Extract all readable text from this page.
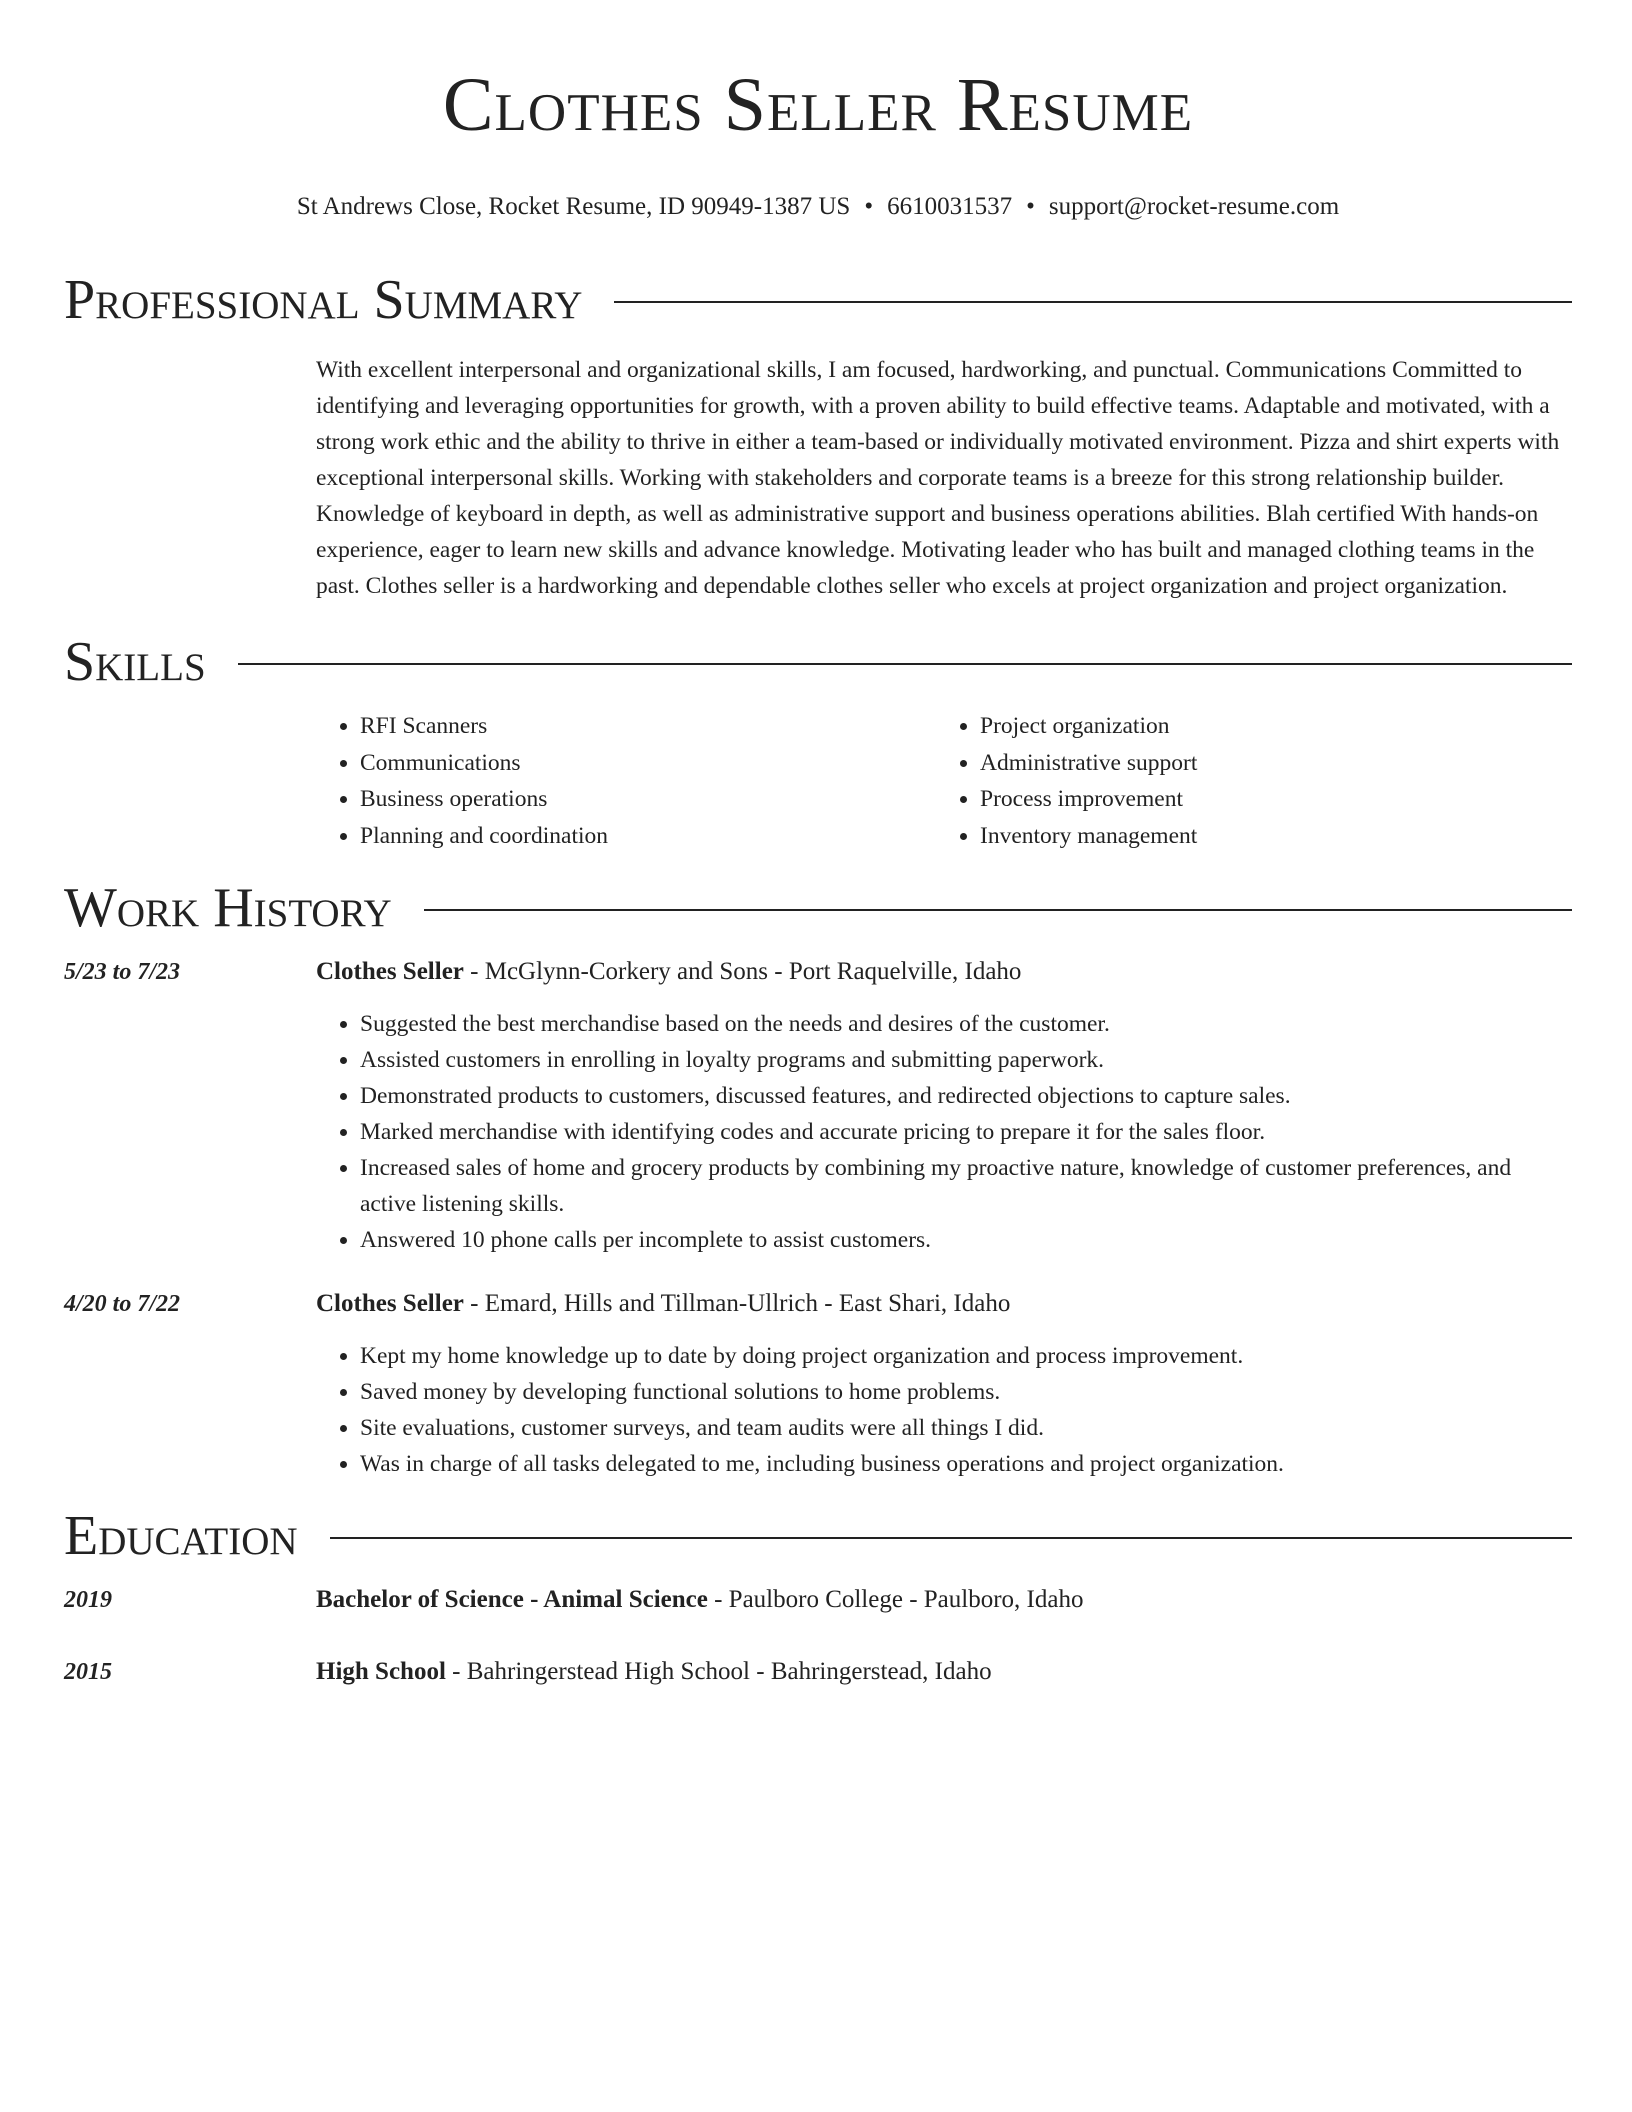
Clothes Seller Resume
St Andrews Close, Rocket Resume, ID 90949-1387 US • 6610031537 • support@rocket-resume.com
Professional Summary
With excellent interpersonal and organizational skills, I am focused, hardworking, and punctual. Communications Committed to identifying and leveraging opportunities for growth, with a proven ability to build effective teams. Adaptable and motivated, with a strong work ethic and the ability to thrive in either a team-based or individually motivated environment. Pizza and shirt experts with exceptional interpersonal skills. Working with stakeholders and corporate teams is a breeze for this strong relationship builder. Knowledge of keyboard in depth, as well as administrative support and business operations abilities. Blah certified With hands-on experience, eager to learn new skills and advance knowledge. Motivating leader who has built and managed clothing teams in the past. Clothes seller is a hardworking and dependable clothes seller who excels at project organization and project organization.
Skills
• RFI Scanners
• Communications
• Business operations
• Planning and coordination
• Project organization
• Administrative support
• Process improvement
• Inventory management
Work History
5/23 to 7/23	Clothes Seller - McGlynn-Corkery and Sons - Port Raquelville, Idaho
• Suggested the best merchandise based on the needs and desires of the customer.
• Assisted customers in enrolling in loyalty programs and submitting paperwork.
• Demonstrated products to customers, discussed features, and redirected objections to capture sales.
• Marked merchandise with identifying codes and accurate pricing to prepare it for the sales floor.
• Increased sales of home and grocery products by combining my proactive nature, knowledge of customer preferences, and active listening skills.
• Answered 10 phone calls per incomplete to assist customers.
4/20 to 7/22	Clothes Seller - Emard, Hills and Tillman-Ullrich - East Shari, Idaho
• Kept my home knowledge up to date by doing project organization and process improvement.
• Saved money by developing functional solutions to home problems.
• Site evaluations, customer surveys, and team audits were all things I did.
• Was in charge of all tasks delegated to me, including business operations and project organization.
Education
2019	Bachelor of Science - Animal Science - Paulboro College - Paulboro, Idaho
2015	High School - Bahringerstead High School - Bahringerstead, Idaho
